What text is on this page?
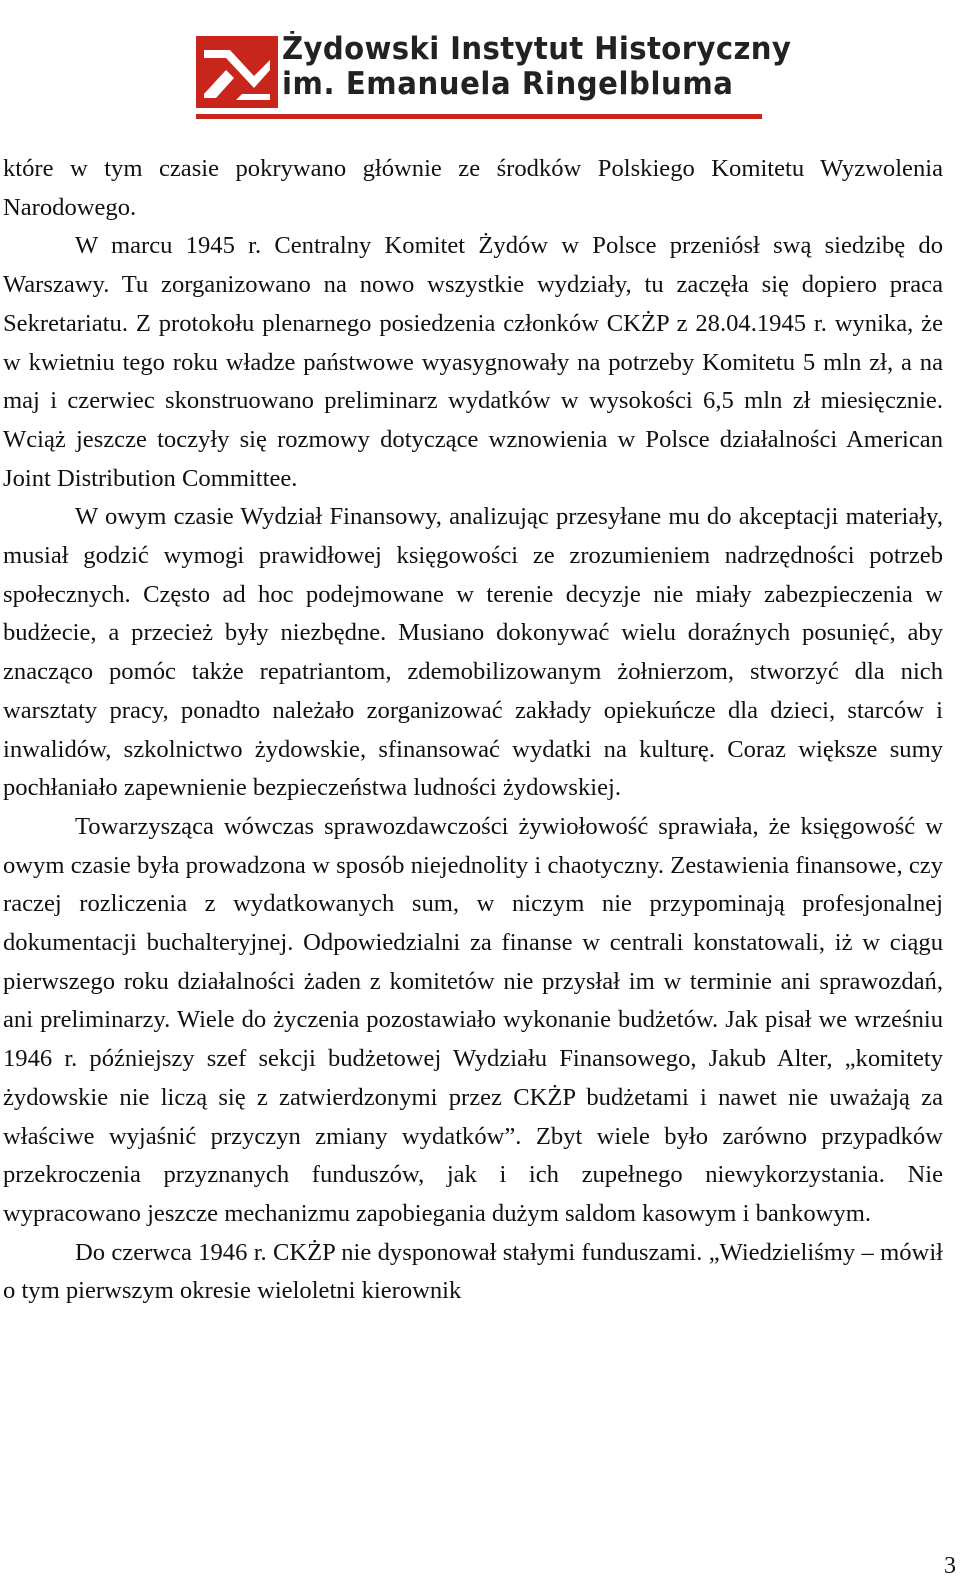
Żydowski Instytut Historyczny
im. Emanuela Ringelbluma

które w tym czasie pokrywano głównie ze środków Polskiego Komitetu Wyzwolenia Narodowego.

W marcu 1945 r. Centralny Komitet Żydów w Polsce przeniósł swą siedzibę do Warszawy. Tu zorganizowano na nowo wszystkie wydziały, tu zaczęła się dopiero praca Sekretariatu. Z protokołu plenarnego posiedzenia członków CKŻP z 28.04.1945 r. wynika, że w kwietniu tego roku władze państwowe wyasygnowały na potrzeby Komitetu 5 mln zł, a na maj i czerwiec skonstruowano preliminarz wydatków w wysokości 6,5 mln zł miesięcznie. Wciąż jeszcze toczyły się rozmowy dotyczące wznowienia w Polsce działalności American Joint Distribution Committee.

W owym czasie Wydział Finansowy, analizując przesyłane mu do akceptacji materiały, musiał godzić wymogi prawidłowej księgowości ze zrozumieniem nadrzędności potrzeb społecznych. Często ad hoc podejmowane w terenie decyzje nie miały zabezpieczenia w budżecie, a przecież były niezbędne. Musiano dokonywać wielu doraźnych posunięć, aby znacząco pomóc także repatriantom, zdemobilizowanym żołnierzom, stworzyć dla nich warsztaty pracy, ponadto należało zorganizować zakłady opiekuńcze dla dzieci, starców i inwalidów, szkolnictwo żydowskie, sfinansować wydatki na kulturę. Coraz większe sumy pochłaniało zapewnienie bezpieczeństwa ludności żydowskiej.

Towarzysząca wówczas sprawozdawczości żywiołowość sprawiała, że księgowość w owym czasie była prowadzona w sposób niejednolity i chaotyczny. Zestawienia finansowe, czy raczej rozliczenia z wydatkowanych sum, w niczym nie przypominają profesjonalnej dokumentacji buchalteryjnej. Odpowiedzialni za finanse w centrali konstatowali, iż w ciągu pierwszego roku działalności żaden z komitetów nie przysłał im w terminie ani sprawozdań, ani preliminarzy. Wiele do życzenia pozostawiało wykonanie budżetów. Jak pisał we wrześniu 1946 r. późniejszy szef sekcji budżetowej Wydziału Finansowego, Jakub Alter, „komitety żydowskie nie liczą się z zatwierdzonymi przez CKŻP budżetami i nawet nie uważają za właściwe wyjaśnić przyczyn zmiany wydatków”. Zbyt wiele było zarówno przypadków przekroczenia przyznanych funduszów, jak i ich zupełnego niewykorzystania. Nie wypracowano jeszcze mechanizmu zapobiegania dużym saldom kasowym i bankowym.

Do czerwca 1946 r. CKŻP nie dysponował stałymi funduszami. „Wiedzieliśmy – mówił o tym pierwszym okresie wieloletni kierownik

3
